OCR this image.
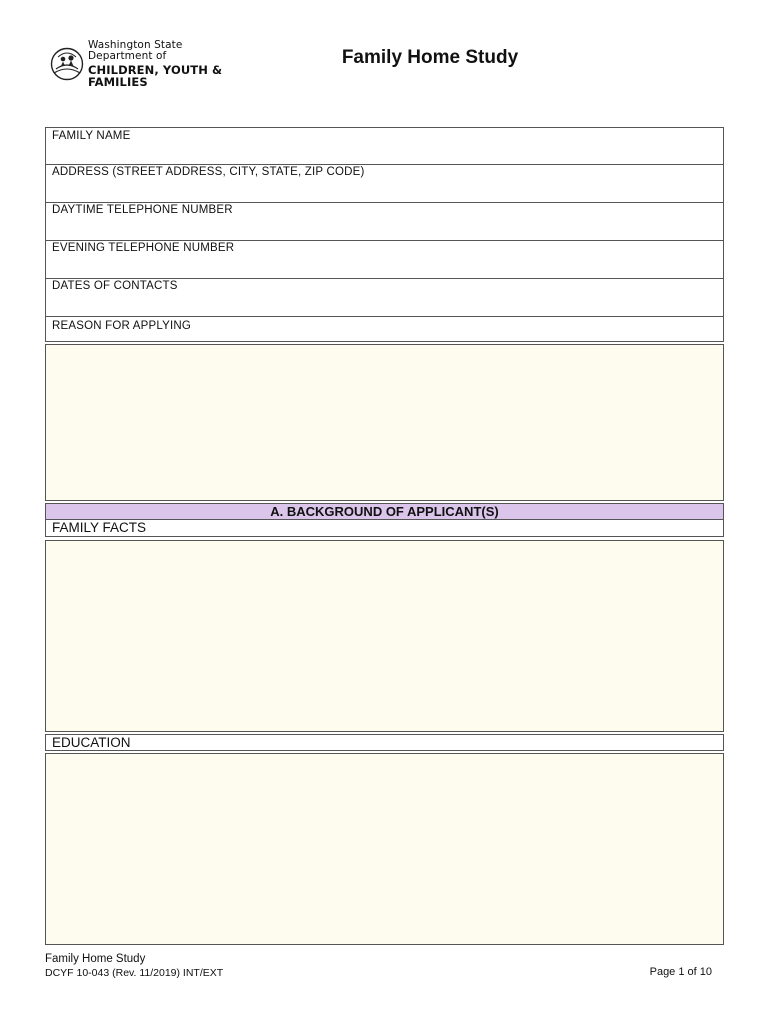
Washington State Department of
CHILDREN, YOUTH & FAMILIES
Family Home Study
FAMILY NAME
ADDRESS (STREET ADDRESS, CITY, STATE, ZIP CODE)
DAYTIME TELEPHONE NUMBER
EVENING TELEPHONE NUMBER
DATES OF CONTACTS
REASON FOR APPLYING
A. BACKGROUND OF APPLICANT(S)
FAMILY FACTS
EDUCATION
Family Home Study
DCYF 10-043 (Rev. 11/2019) INT/EXT	Page 1 of 10
